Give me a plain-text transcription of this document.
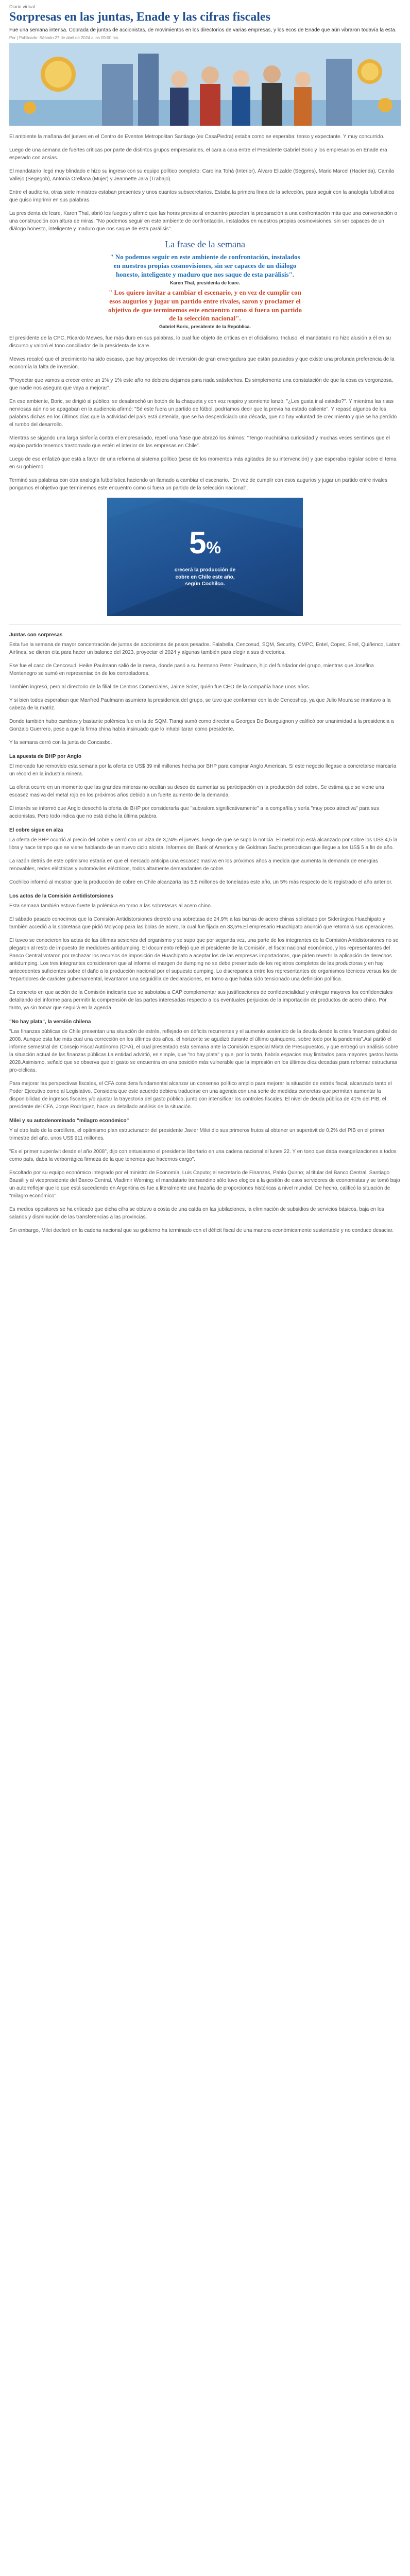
Diario virtual
Sorpresas en las juntas, Enade y las cifras fiscales

Fue una semana intensa. Cobrada de juntas de accionistas, de movimientos en los directorios de varias empresas, y los ecos de Enade que aún vibraron todavía la esta.

Por | Publicado: Sábado 27 de abril de 2024 a las 09:00 hrs.

El ambiente la mañana del jueves en el Centro de Eventos Metropolitan Santiago (ex CasaPiedra) estaba como se esperaba: tenso y expectante. Y muy concurrido.

Luego de una semana de fuertes críticas por parte de distintos grupos empresariales, el cara a cara entre el Presidente Gabriel Boric y los empresarios en Enade era esperado con ansias.

El mandatario llegó muy blindado e hizo su ingreso con su equipo político completo: Carolina Tohá (Interior), Álvaro Elizalde (Segpres), Mario Marcel (Hacienda), Camila Vallejo (Segegob), Antonia Orellana (Mujer) y Jeannette Jara (Trabajo).

Entre el auditorio, otras siete ministros estaban presentes y unos cuantos subsecretarios. Estaba la primera línea de la selección, para seguir con la analogía futbolística que quiso imprimir en sus palabras.

La presidenta de Icare, Karen Thal, abrió los fuegos y afirmó que las horas previas al encuentro parecían la preparación a una confrontación más que una conversación o una construcción con altura de miras. "No podemos seguir en este ambiente de confrontación, instalados en nuestros propias cosmovisiones, sin ser capaces de un diálogo honesto, inteligente y maduro que nos saque de esta parálisis".

La frase de la semana

" No podemos seguir en este ambiente de confrontación, instalados en nuestros propias cosmovisiones, sin ser capaces de un diálogo honesto, inteligente y maduro que nos saque de esta parálisis".

Karen Thal, presidenta de Icare.

" Los quiero invitar a cambiar el escenario, y en vez de cumplir con esos augurios y jugar un partido entre rivales, saron y proclamer el objetivo de que terminemos este encuentro como si fuera un partido de la selección nacional".

Gabriel Boric, presidente de la República.

El presidente de la CPC, Ricardo Mewes, fue más duro en sus palabras, lo cual fue objeto de críticas en el oficialismo. Incluso, el mandatario no hizo alusión a él en su discurso y valoró el tono conciliador de la presidenta de Icare.

Mewes recalcó que el crecimiento ha sido escaso, que hay proyectos de inversión de gran envergadura que están pausados y que existe una profunda preferencia de la economía la falta de inversión.

"Proyectar que vamos a crecer entre un 1% y 1% este año no debiera dejarnos para nada satisfechos. Es simplemente una constatación de que la cosa es vergonzosa, que nadie nos asegura que vaya a mejorar".

En ese ambiente, Boric, se dirigió al público, se desabrochó un botón de la chaqueta y con voz respiro y sonriente lanzó: "¿Les gusta ir al estadio?". Y mientras las risas nerviosas aún no se apagaban en la audiencia afirmó: "Sé este fuera un partido de fútbol, podríamos decir que la previa ha estado caliente". Y repasó algunos de los palabras dichas en los últimos días que la actividad del país está detenida, que se ha desperdiciado una década, que no hay voluntad de crecimiento y que se ha perdido el rumbo del desarrollo.

Mientras se sigando una larga sinfonía contra el empresariado, repetí una frase que abrazó los ánimos: "Tengo muchísima curiosidad y muchas veces sentimos que el equipo partido tenemos trastornado que estén el interior de las empresas en Chile".

Luego de eso enfatizó que está a favor de una reforma al sistema político (pese de los momentos más agitados de su intervención) y que esperaba legislar sobre el tema en su gobierno.

Terminó sus palabras con otra analogía futbolística haciendo un llamado a cambiar el escenario. "En vez de cumplir con esos augurios y jugar un partido entre rivales pongamos el objetivo que terminemos este encuentro como si fuera un partido de la selección nacional".

5%
crecerá la producción de
cobre en Chile este año,
según Cochilco.
Juntas con sorpresas

Esta fue la semana de mayor concentración de juntas de accionistas de pesos pesados. Falabella, Cencosud, SQM, Security, CMPC, Entel, Copec, Enel, Quiñenco, Latam Airlines, se dieron cita para hacer un balance del 2023, proyectar el 2024 y algunas también para elegir a sus directorios.

Ese fue el caso de Cencosud. Heike Paulmann salió de la mesa, donde pasó a su hermano Peter Paulmann, hijo del fundador del grupo, mientras que Josefina Montenegro se sumó en representación de los controladores.

También ingresó, pero al directorio de la filial de Centros Comerciales, Jaime Soler, quién fue CEO de la compañía hace unos años.

Y si bien todos esperaban que Manfred Paulmann asumiera la presidencia del grupo, se tuvo que conformar con la de Cencoshop, ya que Julio Moura se mantuvo a la cabeza de la matriz.

Donde también hubo cambios y bastante polémica fue en la de SQM. Tianqi sumó como director a Georges De Bourguignon y calificó por unanimidad a la presidencia a Gonzalo Guerrero, pese a que la firma china había insinuado que lo inhabilitaran como presidente.

Y la semana cerró con la junta de Concasbo.

La apuesta de BHP por Anglo

El mercado fue removido esta semana por la oferta de US$ 39 mil millones hecha por BHP para comprar Anglo American. Si este negocio llegase a concretarse marcaría un récord en la industria minera.

La oferta ocurre en un momento que las grandes mineras no ocultan su deseo de aumentar su participación en la producción del cobre. Se estima que se viene una escasez masiva del metal rojo en los próximos años debido a un fuerte aumento de la demanda.

El interés se informó que Anglo desechó la oferta de BHP por considerarla que "subvalora significativamente" a la compañía y sería "muy poco atractiva" para sus accionistas. Pero todo indica que no está dicha la última palabra.

El cobre sigue en alza

La oferta de BHP ocurrió al precio del cobre y cerró con un alza de 3,24% el jueves, luego de que se supo la noticia. El metal rojo está alcanzado por sobre los US$ 4,5 la libra y hace tiempo que se viene hablando de un nuevo ciclo alcista. Informes del Bank of America y de Goldman Sachs pronostican que llegue a los US$ 5 a fin de año.

La razón detrás de este optimismo estaría en que el mercado anticipa una escasez masiva en los próximos años a medida que aumenta la demanda de energías renovables, redes eléctricas y automóviles eléctricos, todos altamente demandantes de cobre.

Cochilco informó al mostrar que la producción de cobre en Chile alcanzaría las 5,5 millones de toneladas este año, un 5% más respecto de lo registrado el año anterior.

Los actos de la Comisión Antidistorsiones

Esta semana también estuvo fuerte la polémica en torno a las sobretasas al acero chino.

El sábado pasado conocimos que la Comisión Antidistorsiones decretó una sobretasa de 24,9% a las barras de acero chinas solicitado por Siderúrgica Huachipato y también accedió a la sobretasa que pidió Molycop para las bolas de acero, la cual fue fijada en 33,5%.El empresario Huachipato anunció que retomará sus operaciones.

El tuveo se conocieron los actas de las últimas sesiones del organismo y se supo que por segunda vez, una parte de los integrantes de la Comisión Antidistorsiones no se plegaron al resto de impuesto de medidores antidumping. El documento reflejó que el presidente de la Comisión, el fiscal nacional económico, y los representantes del Banco Central votaron por rechazar los recursos de imposición de Huachipato a aceptar los de las empresas importadoras, que piden revertir la aplicación de derechos antidumping. Los tres integrantes consideraron que al informe el margen de dumping no se debe presentado de los registros completos de las productoras y en hay antecedentes suficientes sobre el daño a la producción nacional por el supuesto dumping. Lo discrepancia entre los representantes de organismos técnicos versus los de "repartidores de carácter gubernamental, levantaron una seguidilla de declaraciones, en torno a que había sido tensionado una definición política.

Es concreto en que acción de la Comisión indicaría que se sabotaba a CAP complementar sus justificaciones de confidencialidad y entregar mayores los confidenciales detallando del informe para permitir la comprensión de las partes interesadas respecto a los eventuales perjuicios de la importación de productos de acero chino. Por tanto, ya sin tomar que seguirá en la agenda.

"No hay plata", la versión chilena

"Las finanzas públicas de Chile presentan una situación de estrés, reflejado en déficits recurrentes y el aumento sostenido de la deuda desde la crisis financiera global de 2008. Aunque esta fue más cual una corrección en los últimos dos años, el horizonte se agudizó durante el último quinquenio, sobre todo por la pandemia".Así partió el informe semestral del Consejo Fiscal Autónomo (CFA), el cual presentado esta semana ante la Comisión Especial Mixta de Presupuestos, y que entregó un análisis sobre la situación actual de las finanzas públicas.La entidad advirtió, en simple, que "no hay plata" y que, por lo tanto, habría espacios muy limitados para mayores gastos hasta 2028.Asimismo, señaló que se observa que el gasto se encuentra en una posición más vulnerable que la impresión en los últimos diez decadas para reformar estructuras pro-cíclicas.

Para mejorar las perspectivas fiscales, el CFA considera fundamental alcanzar un consenso político amplio para mejorar la situación de estrés fiscal, alcanzado tanto el Poder Ejecutivo como al Legislativo. Considera que este acuerdo debiera traducirse en una agenda con una serie de medidas concretas que permitan aumentar la disponibilidad de ingresos fiscales y/o ajustar la trayectoria del gasto público, junto con intensificar los controles fiscales. El nivel de deuda pública de 41% del PIB, el presidente del CFA, Jorge Rodríguez, hace un detallado análisis de la situación.

Milei y su autodenominado "milagro económico"

Y al otro lado de la cordillera, el optimismo plan estructurador del presidente Javier Milei dio sus primeros frutos al obtener un superávit de 0,2% del PIB en el primer trimestre del año, unos US$ 911 millones.

"Es el primer superávit desde el año 2008", dijo con entusiasmo el presidente libertario en una cadena nacional el lunes 22. Y en tono que daba evangelizaciones a todos como país, daba la verborrágica firmeza de la que tenemos que hacernos cargo".

Escoltado por su equipo económico integrado por el ministro de Economía, Luis Caputo; el secretario de Finanzas, Pablo Quirno; al titular del Banco Central, Santiago Bausili y al vicepresidente del Banco Central, Vladimir Werning; el mandatario transandino sólo tuvo elogios a la gestión de esos servidores de economistas y se tomó bajo un autorreflejar que lo que está sucediendo en Argentina es fue a literalmente una hazaña de proporciones históricas a nivel mundial. De hecho, calificó la situación de "milagro económico".

Es medios opositores se ha criticado que dicha cifra se obtuvo a costa de una caída en las jubilaciones, la eliminación de subsidios de servicios básicos, baja en los salarios y disminución de las transferencias a las provincias.

Sin embargo, Milei declaró en la cadena nacional que su gobierno ha terminado con el déficit fiscal de una manera económicamente sustentable y no conduce desaciar.
